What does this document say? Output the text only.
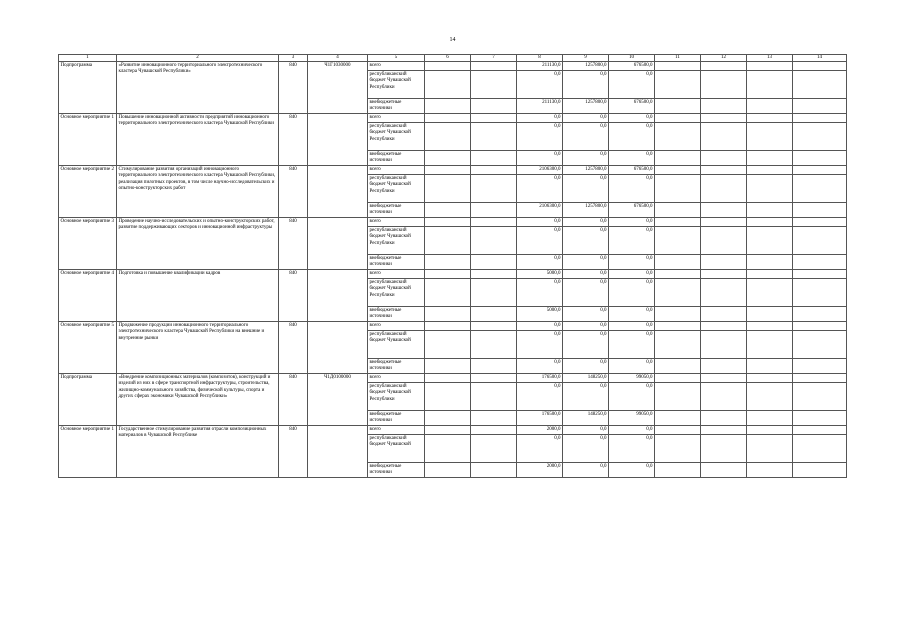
14
1	2	3	4	5	6	7	8	9	10	11	12	13	14
Подпрограмма	«Развитие инновационного территориального электротехнического кластера Чувашской Республики»	840	Ч1Г1030000	всего			211130,0	1257800,0	676500,0				
				республиканский бюджет Чувашской Республики			0,0	0,0	0,0				
				внебюджетные источники			211130,0	1257800,0	676500,0				
Основное мероприятие 1	Повышение инновационной активности предприятий инновационного территориального электротехнического кластера Чувашской Республики	840		всего			0,0	0,0	0,0				
				республиканский бюджет Чувашской Республики			0,0	0,0	0,0				
				внебюджетные источники			0,0	0,0	0,0				
Основное мероприятие 2	Стимулирование развития организаций инновационного территориального электротехнического кластера Чувашской Республики, реализация пилотных проектов, в том числе научно-исследовательских и опытно-конструкторских работ	840		всего			2106300,0	1257800,0	676500,0				
				республиканский бюджет Чувашской Республики			0,0	0,0	0,0				
				внебюджетные источники			2106300,0	1257800,0	676500,0				
Основное мероприятие 3	Проведение научно-исследовательских и опытно-конструкторских работ, развитие поддерживающих секторов и инновационной инфраструктуры	840		всего			0,0	0,0	0,0				
				республиканский бюджет Чувашской Республики			0,0	0,0	0,0				
				внебюджетные источники			0,0	0,0	0,0				
Основное мероприятие 4	Подготовка и повышение квалификации кадров	840		всего			5000,0	0,0	0,0				
				республиканский бюджет Чувашской Республики			0,0	0,0	0,0				
				внебюджетные источники			5000,0	0,0	0,0				
Основное мероприятие 5	Продвижение продукции инновационного территориального электротехнического кластера Чувашской Республики на внешние и внутренние рынки	840		всего			0,0	0,0	0,0				
				республиканский бюджет Чувашской			0,0	0,0	0,0				
				внебюджетные источники			0,0	0,0	0,0				
Подпрограмма	«Внедрение композиционных материалов (композитов), конструкций и изделий из них в сфере транспортной инфраструктуры, строительства, жилищно-коммунального хозяйства, физической культуры, спорта и других сферах экономики Чувашской Республики»	840	Ч1Д0100000	всего			176500,0	148250,0	99050,0				
				республиканский бюджет Чувашской Республики			0,0	0,0	0,0				
				внебюджетные источники			176500,0	148250,0	99050,0				
Основное мероприятие 1	Государственное стимулирование развития отрасли композиционных материалов в Чувашской Республике	840		всего			2000,0	0,0	0,0				
				республиканский бюджет Чувашской			0,0	0,0	0,0				
				внебюджетные источники			2000,0	0,0	0,0				
